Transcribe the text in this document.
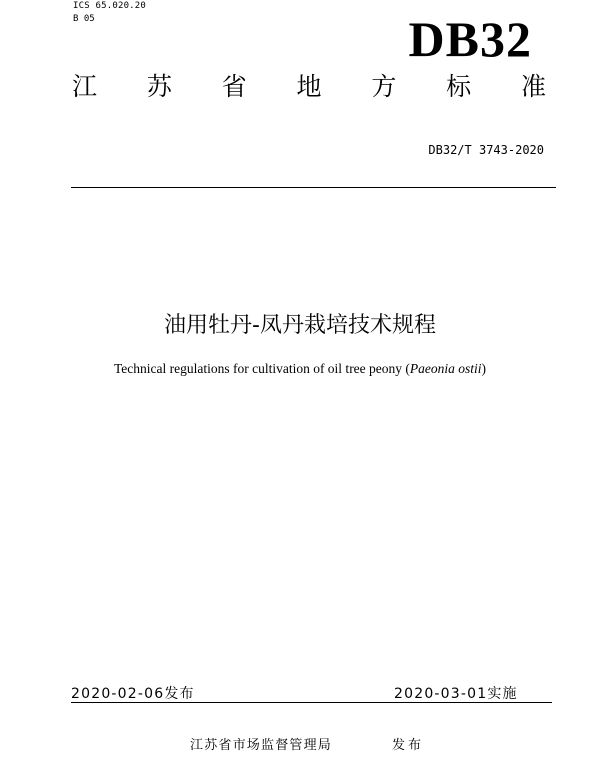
ICS 65.020.20
B 05	DB32
江 苏 省 地 方 标 准
DB32/T 3743-2020
油用牡丹-凤丹栽培技术规程
Technical regulations for cultivation of oil tree peony (Paeonia ostii)
2020-02-06发布	2020-03-01实施
江苏省市场监督管理局	发布
